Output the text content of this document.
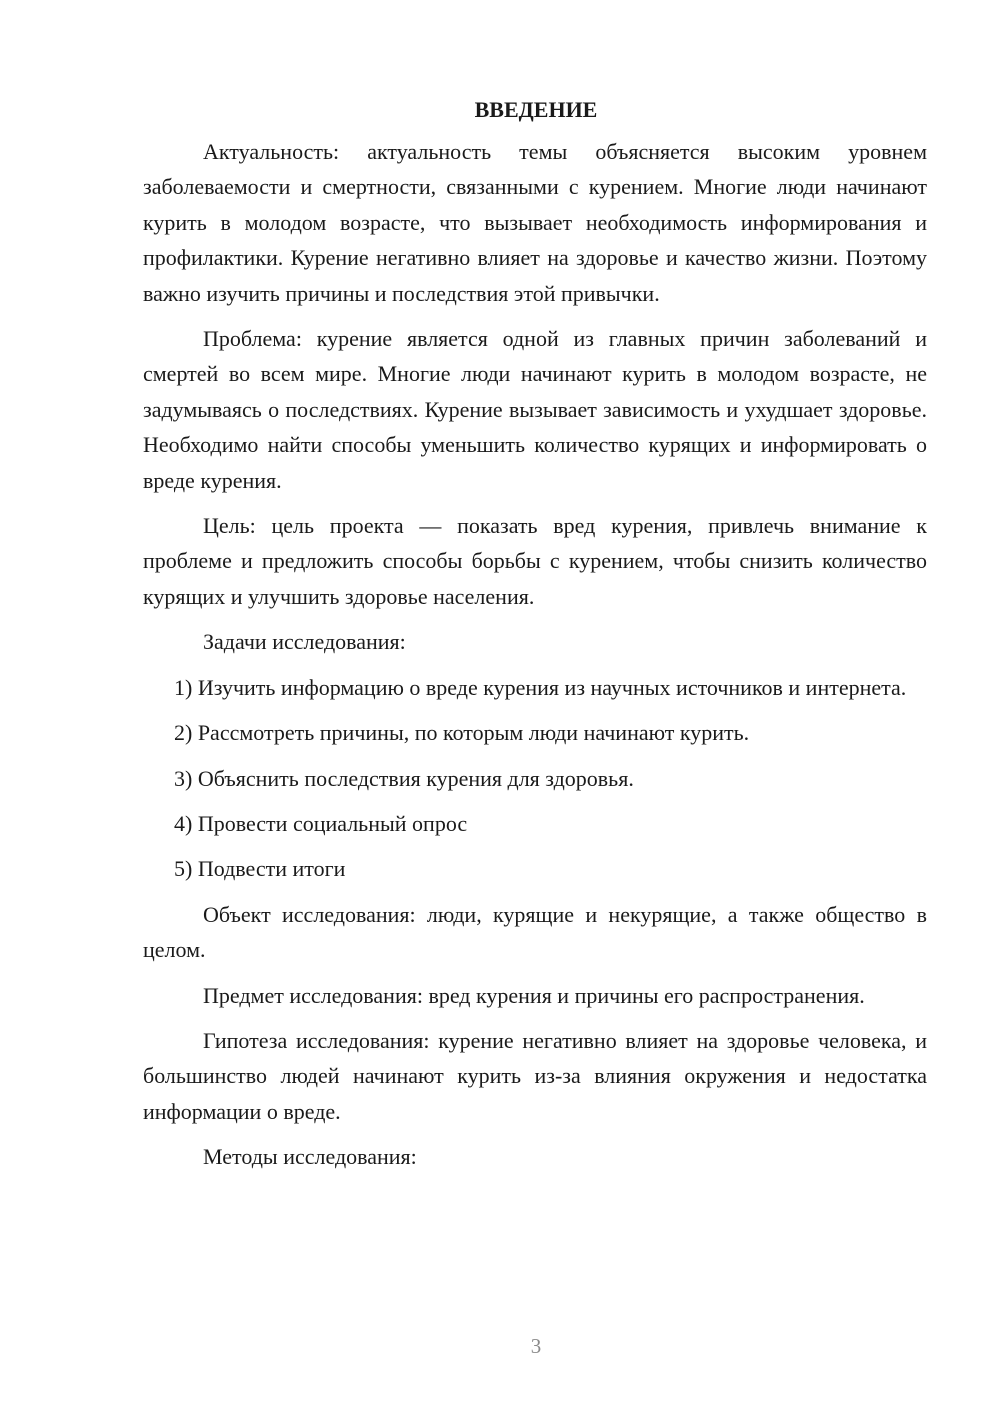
ВВЕДЕНИЕ

Актуальность: актуальность темы объясняется высоким уровнем заболеваемости и смертности, связанными с курением. Многие люди начинают курить в молодом возрасте, что вызывает необходимость информирования и профилактики. Курение негативно влияет на здоровье и качество жизни. Поэтому важно изучить причины и последствия этой привычки.

Проблема: курение является одной из главных причин заболеваний и смертей во всем мире. Многие люди начинают курить в молодом возрасте, не задумываясь о последствиях. Курение вызывает зависимость и ухудшает здоровье. Необходимо найти способы уменьшить количество курящих и информировать о вреде курения.

Цель: цель проекта — показать вред курения, привлечь внимание к проблеме и предложить способы борьбы с курением, чтобы снизить количество курящих и улучшить здоровье населения.

Задачи исследования:

1) Изучить информацию о вреде курения из научных источников и интернета.

2) Рассмотреть причины, по которым люди начинают курить.

3) Объяснить последствия курения для здоровья.

4) Провести социальный опрос

5) Подвести итоги

Объект исследования: люди, курящие и некурящие, а также общество в целом.

Предмет исследования: вред курения и причины его распространения.

Гипотеза исследования: курение негативно влияет на здоровье человека, и большинство людей начинают курить из-за влияния окружения и недостатка информации о вреде.

Методы исследования:

3
